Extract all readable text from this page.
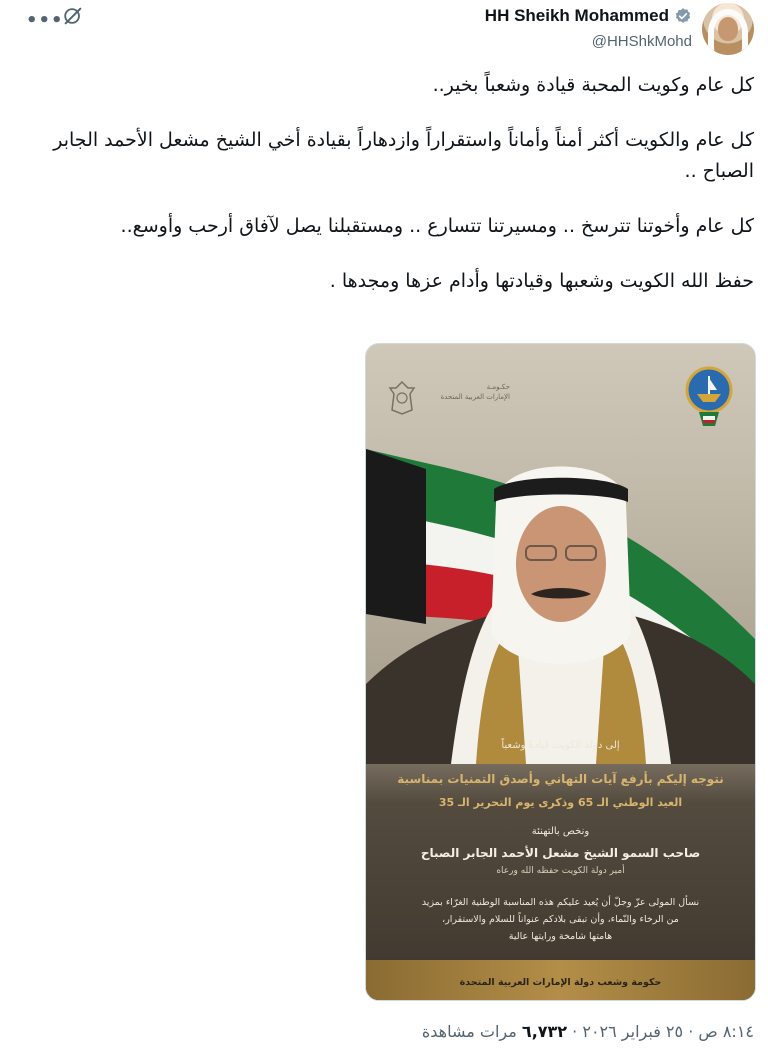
HH Sheikh Mohammed
@HHShkMohd
•••

كل عام وكويت المحبة قيادة وشعباً بخير..

كل عام والكويت أكثر أمناً وأماناً واستقراراً وازدهاراً بقيادة أخي الشيخ مشعل الأحمد الجابر الصباح ..

كل عام وأخوتنا تترسخ .. ومسيرتنا تتسارع .. ومستقبلنا يصل لآفاق أرحب وأوسع..

حفظ الله الكويت وشعبها وقيادتها وأدام عزها ومجدها .

حكـومـة
الإمارات العربية المتحدة
إلى دولة الكويت قيادةً وشعباً
نتوجه إليكم بأرفع آيات التهاني وأصدق التمنيات بمناسبة
العيد الوطني الـ 65 وذكرى يوم التحرير الـ 35
ونخص بالتهنئة
صاحب السمو الشيخ مشعل الأحمد الجابر الصباح
أمير دولة الكويت حفظه الله ورعاه
نسأل المولى عزّ وجلّ أن يُعيد عليكم هذه المناسبة الوطنية الغرّاء بمزيد
من الرخاء والنّماء، وأن تبقى بلادكم عنواناً للسلام والاستقرار،
هامتها شامخة ورايتها عالية
حكومة وشعب دولة الإمارات العربية المتحدة
٨:١٤ ص · ٢٥ فبراير ٢٠٢٦ · ٦,٧٣٢ مرات مشاهدة
